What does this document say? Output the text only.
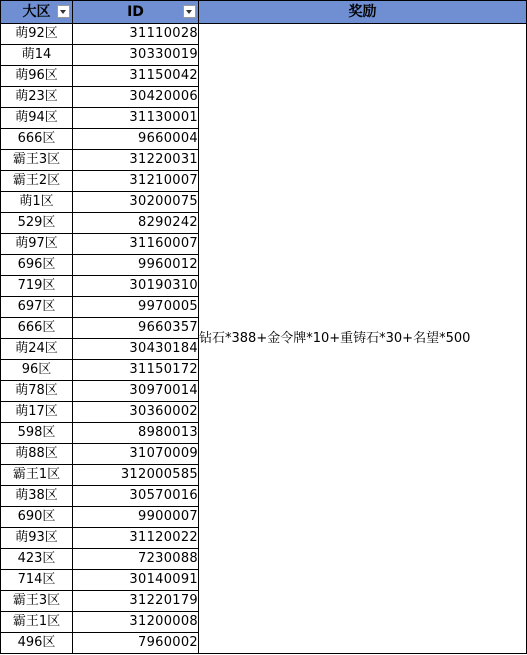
大区	ID	奖励
萌92区	31110028	钻石*388+金令牌*10+重铸石*30+名望*500
萌14	30330019	
萌96区	31150042	
萌23区	30420006	
萌94区	31130001	
666区	9660004	
霸王3区	31220031	
霸王2区	31210007	
萌1区	30200075	
529区	8290242	
萌97区	31160007	
696区	9960012	
719区	30190310	
697区	9970005	
666区	9660357	
萌24区	30430184	
96区	31150172	
萌78区	30970014	
萌17区	30360002	
598区	8980013	
萌88区	31070009	
霸王1区	312000585	
萌38区	30570016	
690区	9900007	
萌93区	31120022	
423区	7230088	
714区	30140091	
霸王3区	31220179	
霸王1区	31200008	
496区	7960002	
